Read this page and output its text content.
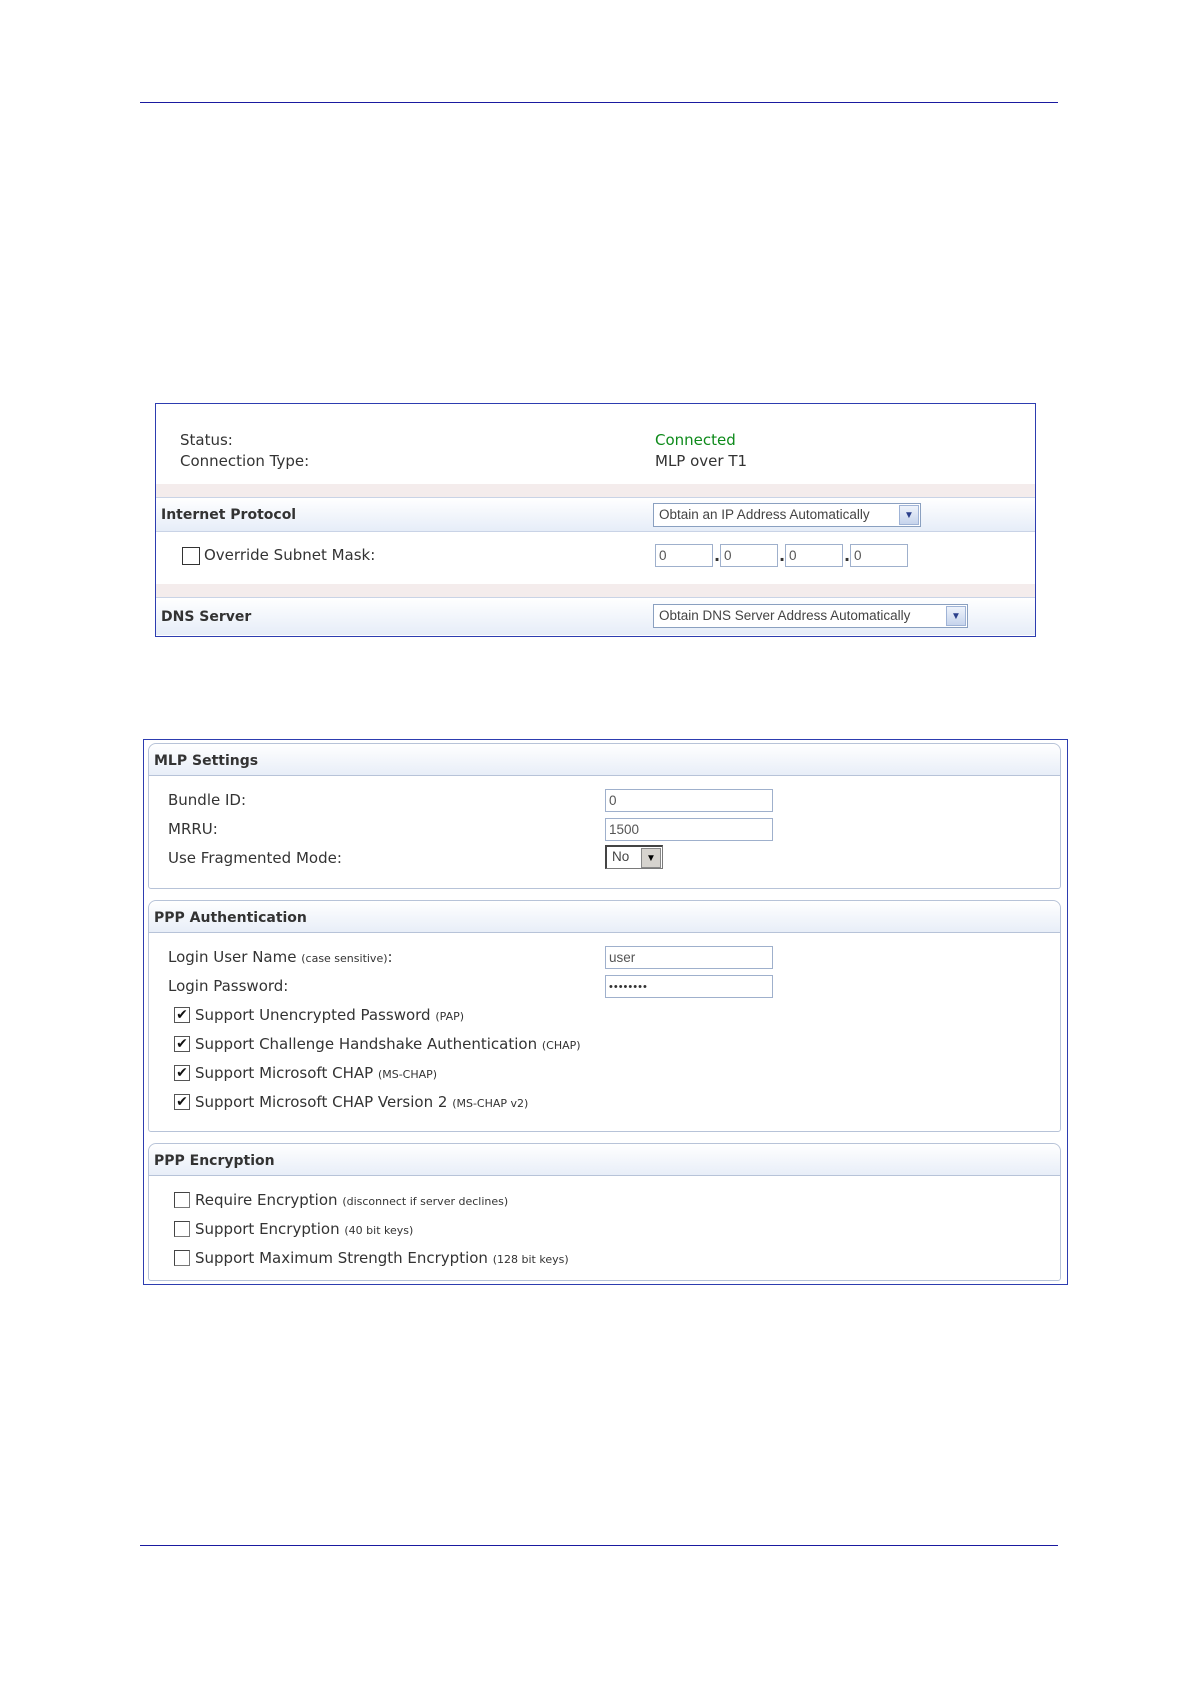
Status:	Connected
Connection Type:	MLP over T1
Internet Protocol	Obtain an IP Address Automatically	▼
Override Subnet Mask:	0	. 0	. 0	. 0
DNS Server	Obtain DNS Server Address Automatically	▼
MLP Settings
Bundle ID:	0
MRRU:	1500
Use Fragmented Mode:	No	▼
PPP Authentication
Login User Name (case sensitive):	user
Login Password:	••••••••
✔ Support Unencrypted Password (PAP)
✔ Support Challenge Handshake Authentication (CHAP)
✔ Support Microsoft CHAP (MS-CHAP)
✔ Support Microsoft CHAP Version 2 (MS-CHAP v2)
PPP Encryption
Require Encryption (disconnect if server declines)
Support Encryption (40 bit keys)
Support Maximum Strength Encryption (128 bit keys)
